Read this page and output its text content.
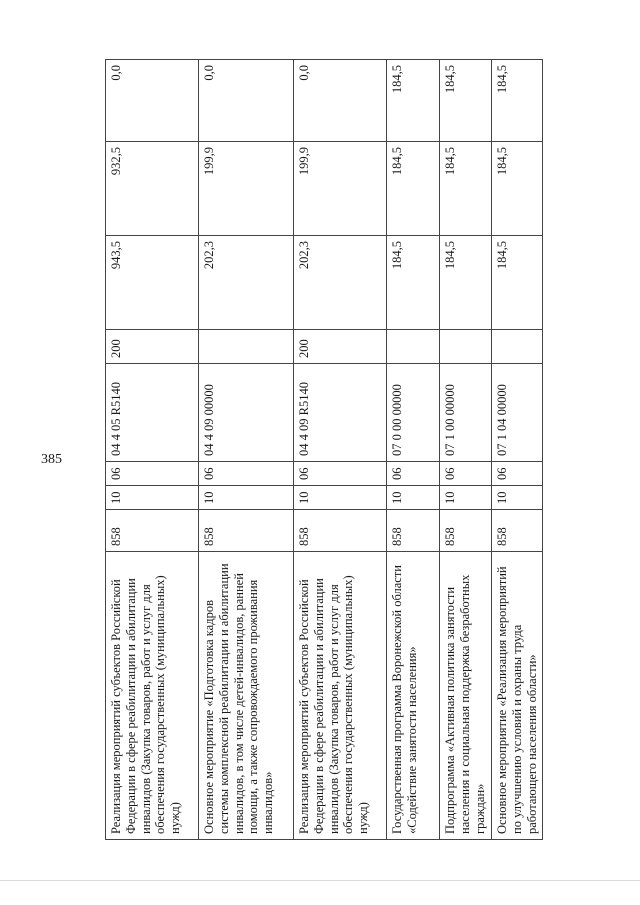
385
Реализация мероприятий субъектов Российской Федерации в сфере реабилитации и абилитации инвалидов (Закупка товаров, работ и услуг для обеспечения государственных (муниципальных) нужд)	858	10	06	04 4 05 R5140	200	943,5	932,5	0,0
Основное мероприятие «Подготовка кадров системы комплексной реабилитации и абилитации инвалидов, в том числе детей-инвалидов, ранней помощи, а также сопровождаемого проживания инвалидов»	858	10	06	04 4 09 00000		202,3	199,9	0,0
Реализация мероприятий субъектов Российской Федерации в сфере реабилитации и абилитации инвалидов (Закупка товаров, работ и услуг для обеспечения государственных (муниципальных) нужд)	858	10	06	04 4 09 R5140	200	202,3	199,9	0,0
Государственная программа Воронежской области «Содействие занятости населения»	858	10	06	07 0 00 00000		184,5	184,5	184,5
Подпрограмма «Активная политика занятости населения и социальная поддержка безработных граждан»	858	10	06	07 1 00 00000		184,5	184,5	184,5
Основное мероприятие «Реализация мероприятий по улучшению условий и охраны труда работающего населения области»	858	10	06	07 1 04 00000		184,5	184,5	184,5
